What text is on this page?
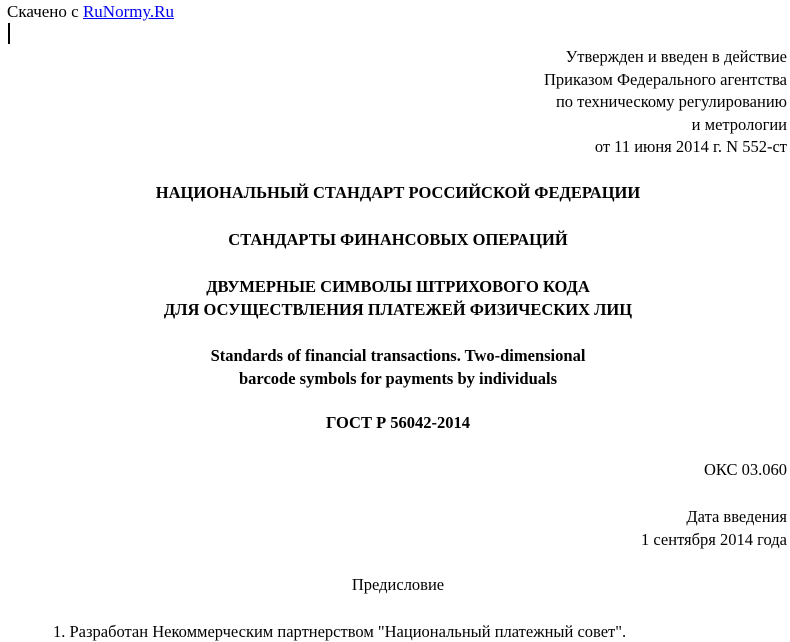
Скачено с RuNormy.Ru
Утвержден и введен в действие
Приказом Федерального агентства
по техническому регулированию
и метрологии
от 11 июня 2014 г. N 552-ст
НАЦИОНАЛЬНЫЙ СТАНДАРТ РОССИЙСКОЙ ФЕДЕРАЦИИ
СТАНДАРТЫ ФИНАНСОВЫХ ОПЕРАЦИЙ
ДВУМЕРНЫЕ СИМВОЛЫ ШТРИХОВОГО КОДА
ДЛЯ ОСУЩЕСТВЛЕНИЯ ПЛАТЕЖЕЙ ФИЗИЧЕСКИХ ЛИЦ
Standards of financial transactions. Two-dimensional
barcode symbols for payments by individuals
ГОСТ Р 56042-2014
ОКС 03.060
Дата введения
1 сентября 2014 года
Предисловие
1. Разработан Некоммерческим партнерством "Национальный платежный совет".
